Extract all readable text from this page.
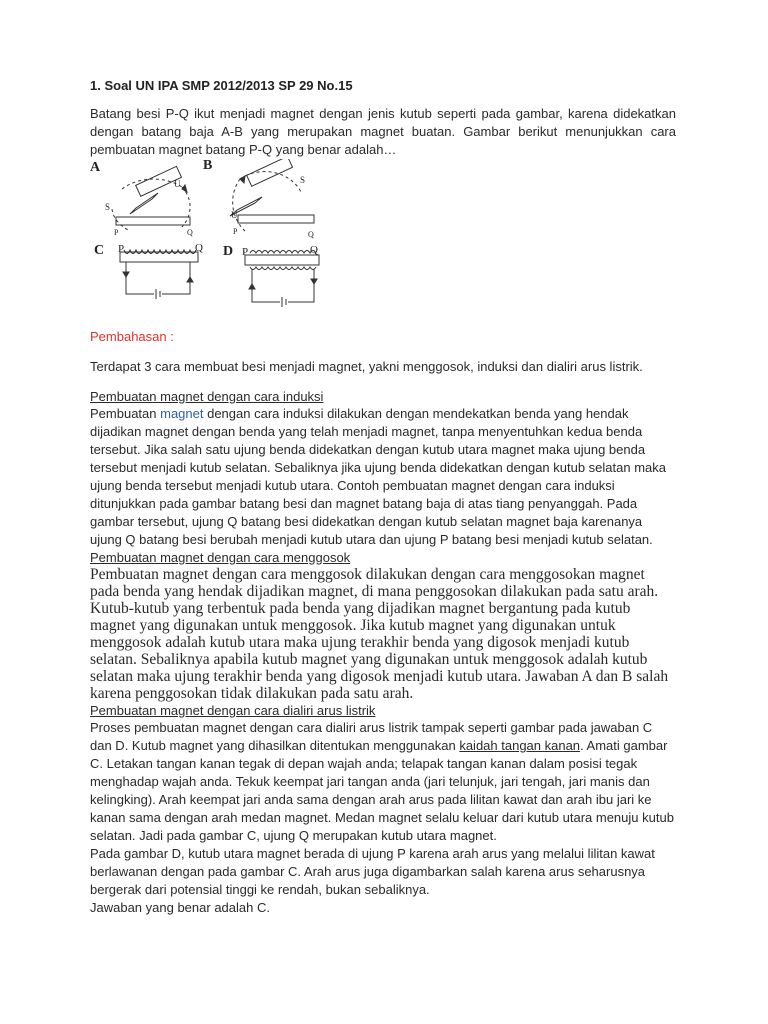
1. Soal UN IPA SMP 2012/2013 SP 29 No.15

Batang besi P-Q ikut menjadi magnet dengan jenis kutub seperti pada gambar, karena didekatkan dengan batang baja A-B yang merupakan magnet buatan. Gambar berikut menunjukkan cara pembuatan magnet batang P-Q yang benar adalah…

A
U
S
P	Q
B
S
U
P	Q
C P	Q D P	Q

Pembahasan :

Terdapat 3 cara membuat besi menjadi magnet, yakni menggosok, induksi dan dialiri arus listrik.

Pembuatan magnet dengan cara induksi

Pembuatan magnet dengan cara induksi dilakukan dengan mendekatkan benda yang hendak dijadikan magnet dengan benda yang telah menjadi magnet, tanpa menyentuhkan kedua benda tersebut. Jika salah satu ujung benda didekatkan dengan kutub utara magnet maka ujung benda tersebut menjadi kutub selatan. Sebaliknya jika ujung benda didekatkan dengan kutub selatan maka ujung benda tersebut menjadi kutub utara. Contoh pembuatan magnet dengan cara induksi ditunjukkan pada gambar batang besi dan magnet batang baja di atas tiang penyanggah. Pada gambar tersebut, ujung Q batang besi didekatkan dengan kutub selatan magnet baja karenanya ujung Q batang besi berubah menjadi kutub utara dan ujung P batang besi menjadi kutub selatan.

Pembuatan magnet dengan cara menggosok

Pembuatan magnet dengan cara menggosok dilakukan dengan cara menggosokan magnet pada benda yang hendak dijadikan magnet, di mana penggosokan dilakukan pada satu arah. Kutub-kutub yang terbentuk pada benda yang dijadikan magnet bergantung pada kutub magnet yang digunakan untuk menggosok. Jika kutub magnet yang digunakan untuk menggosok adalah kutub utara maka ujung terakhir benda yang digosok menjadi kutub selatan. Sebaliknya apabila kutub magnet yang digunakan untuk menggosok adalah kutub selatan maka ujung terakhir benda yang digosok menjadi kutub utara. Jawaban A dan B salah karena penggosokan tidak dilakukan pada satu arah.

Pembuatan magnet dengan cara dialiri arus listrik

Proses pembuatan magnet dengan cara dialiri arus listrik tampak seperti gambar pada jawaban C dan D. Kutub magnet yang dihasilkan ditentukan menggunakan kaidah tangan kanan. Amati gambar C. Letakan tangan kanan tegak di depan wajah anda; telapak tangan kanan dalam posisi tegak menghadap wajah anda. Tekuk keempat jari tangan anda (jari telunjuk, jari tengah, jari manis dan kelingking). Arah keempat jari anda sama dengan arah arus pada lilitan kawat dan arah ibu jari ke kanan sama dengan arah medan magnet. Medan magnet selalu keluar dari kutub utara menuju kutub selatan. Jadi pada gambar C, ujung Q merupakan kutub utara magnet.

Pada gambar D, kutub utara magnet berada di ujung P karena arah arus yang melalui lilitan kawat berlawanan dengan pada gambar C. Arah arus juga digambarkan salah karena arus seharusnya bergerak dari potensial tinggi ke rendah, bukan sebaliknya.

Jawaban yang benar adalah C.
